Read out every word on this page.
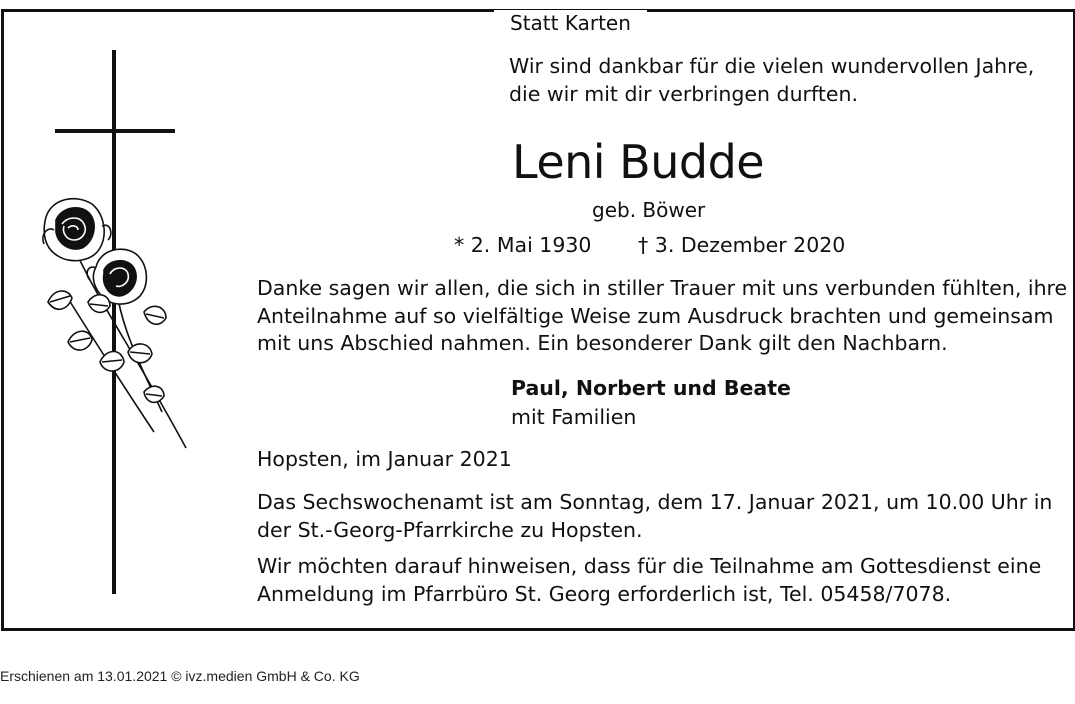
Statt Karten
Wir sind dankbar für die vielen wundervollen Jahre,
die wir mit dir verbringen durften.
Leni Budde
geb. Böwer
* 2. Mai 1930 † 3. Dezember 2020
Danke sagen wir allen, die sich in stiller Trauer mit uns verbunden fühlten, ihre
Anteilnahme auf so vielfältige Weise zum Ausdruck brachten und gemeinsam
mit uns Abschied nahmen. Ein besonderer Dank gilt den Nachbarn.
Paul, Norbert und Beate
mit Familien
Hopsten, im Januar 2021
Das Sechswochenamt ist am Sonntag, dem 17. Januar 2021, um 10.00 Uhr in
der St.-Georg-Pfarrkirche zu Hopsten.
Wir möchten darauf hinweisen, dass für die Teilnahme am Gottesdienst eine
Anmeldung im Pfarrbüro St. Georg erforderlich ist, Tel. 05458/7078.
Erschienen am 13.01.2021 © ivz.medien GmbH & Co. KG
